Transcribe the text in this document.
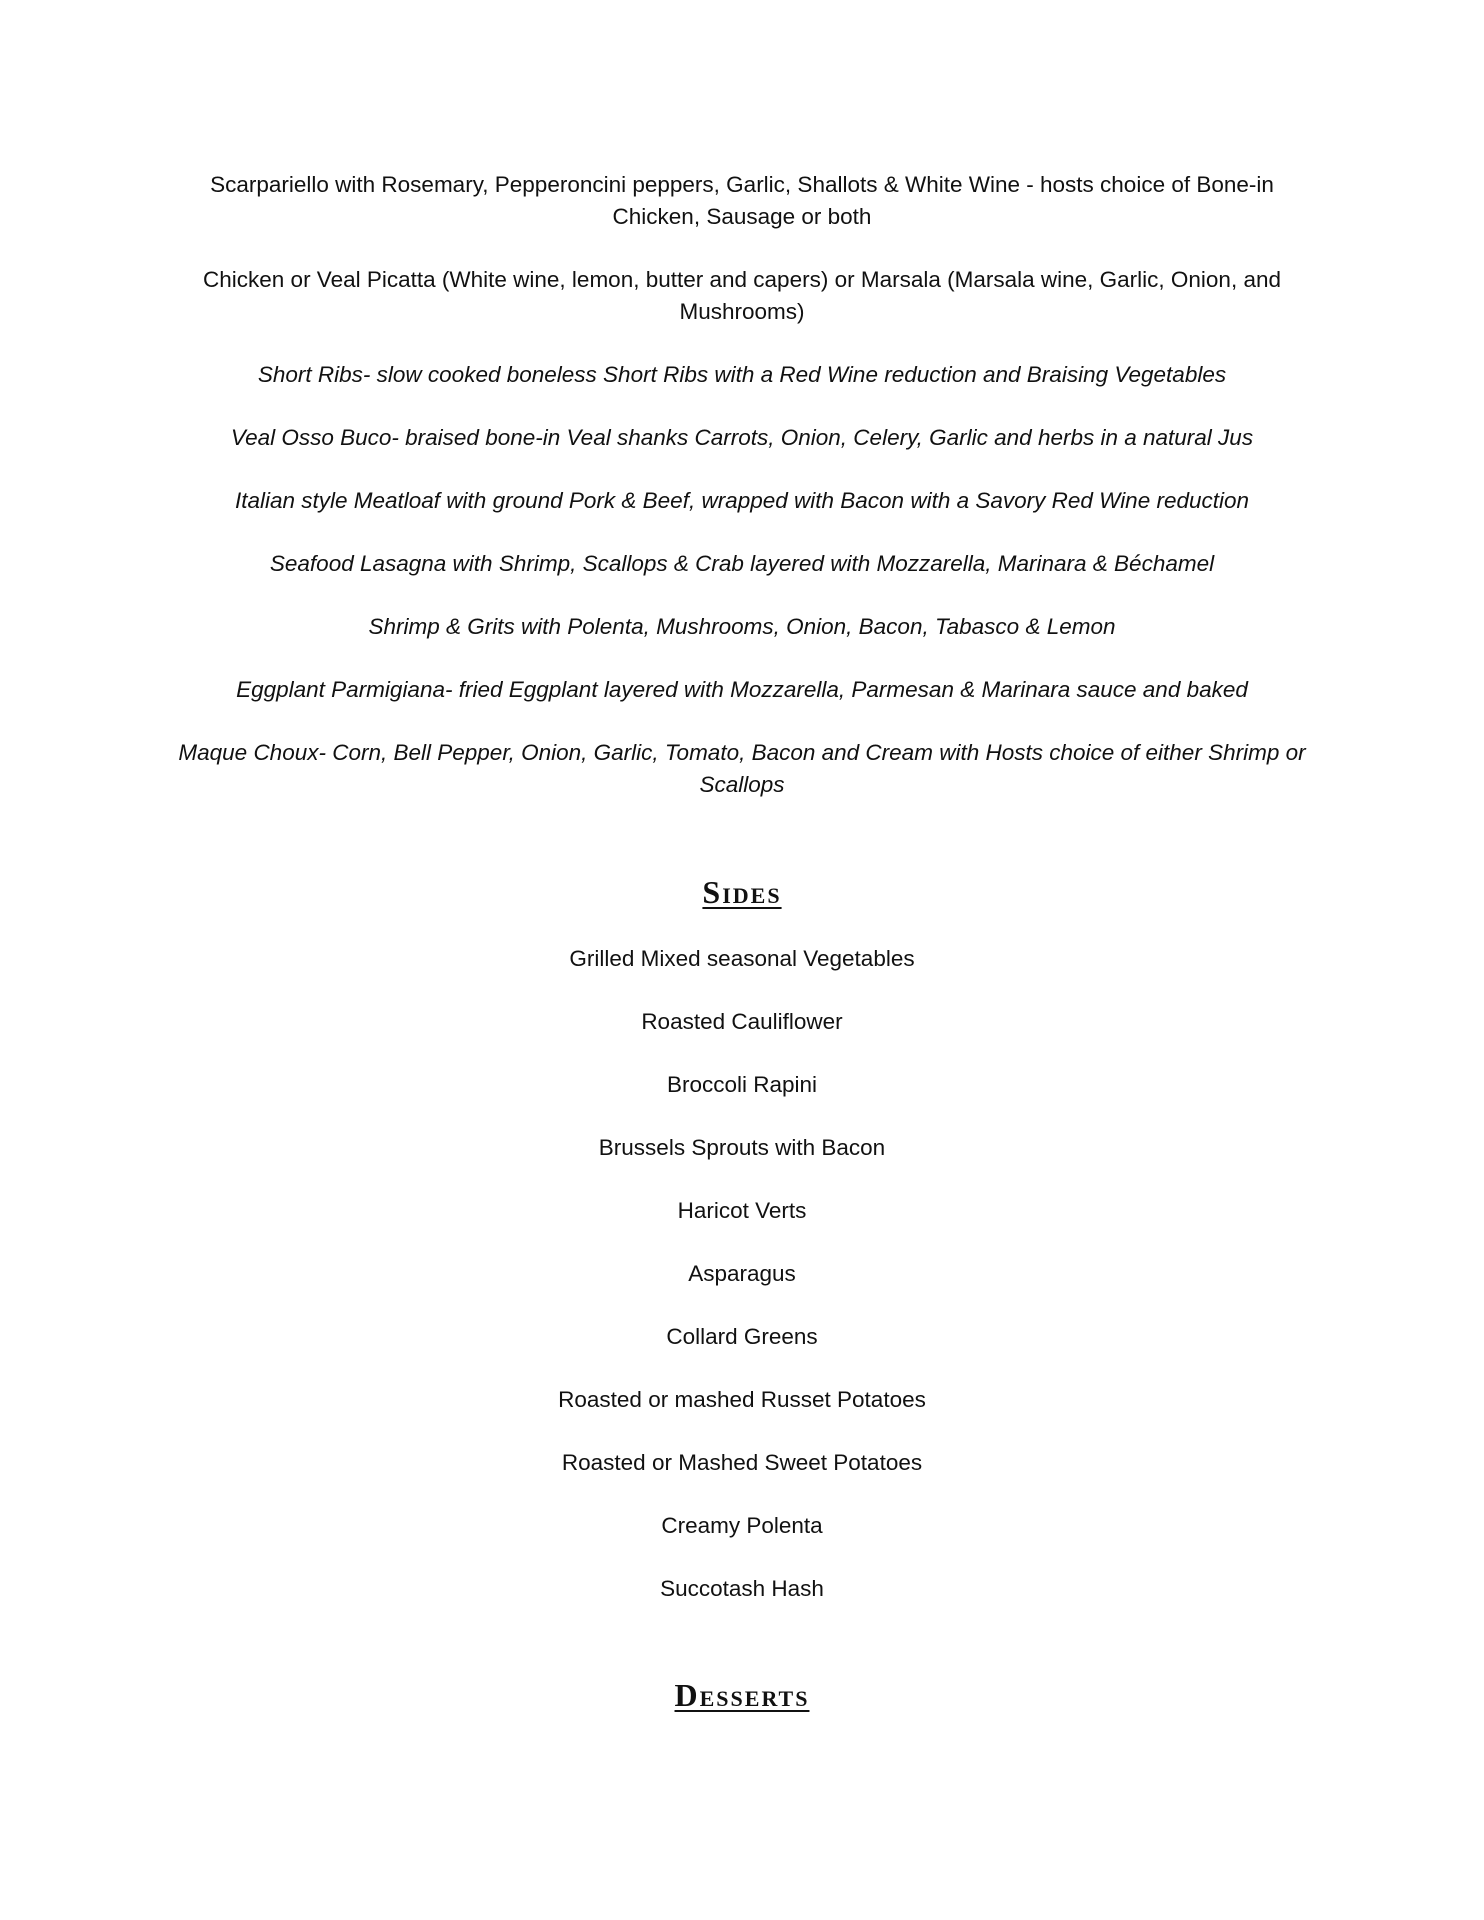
Scarpariello with Rosemary, Pepperoncini peppers, Garlic, Shallots & White Wine - hosts choice of Bone-in Chicken, Sausage or both

Chicken or Veal Picatta (White wine, lemon, butter and capers) or Marsala (Marsala wine, Garlic, Onion, and Mushrooms)

Short Ribs- slow cooked boneless Short Ribs with a Red Wine reduction and Braising Vegetables

Veal Osso Buco- braised bone-in Veal shanks Carrots, Onion, Celery, Garlic and herbs in a natural Jus

Italian style Meatloaf with ground Pork & Beef, wrapped with Bacon with a Savory Red Wine reduction

Seafood Lasagna with Shrimp, Scallops & Crab layered with Mozzarella, Marinara & Béchamel

Shrimp & Grits with Polenta, Mushrooms, Onion, Bacon, Tabasco & Lemon

Eggplant Parmigiana- fried Eggplant layered with Mozzarella, Parmesan & Marinara sauce and baked

Maque Choux- Corn, Bell Pepper, Onion, Garlic, Tomato, Bacon and Cream with Hosts choice of either Shrimp or Scallops

Sides

Grilled Mixed seasonal Vegetables

Roasted Cauliflower

Broccoli Rapini

Brussels Sprouts with Bacon

Haricot Verts

Asparagus

Collard Greens

Roasted or mashed Russet Potatoes

Roasted or Mashed Sweet Potatoes

Creamy Polenta

Succotash Hash

Desserts
